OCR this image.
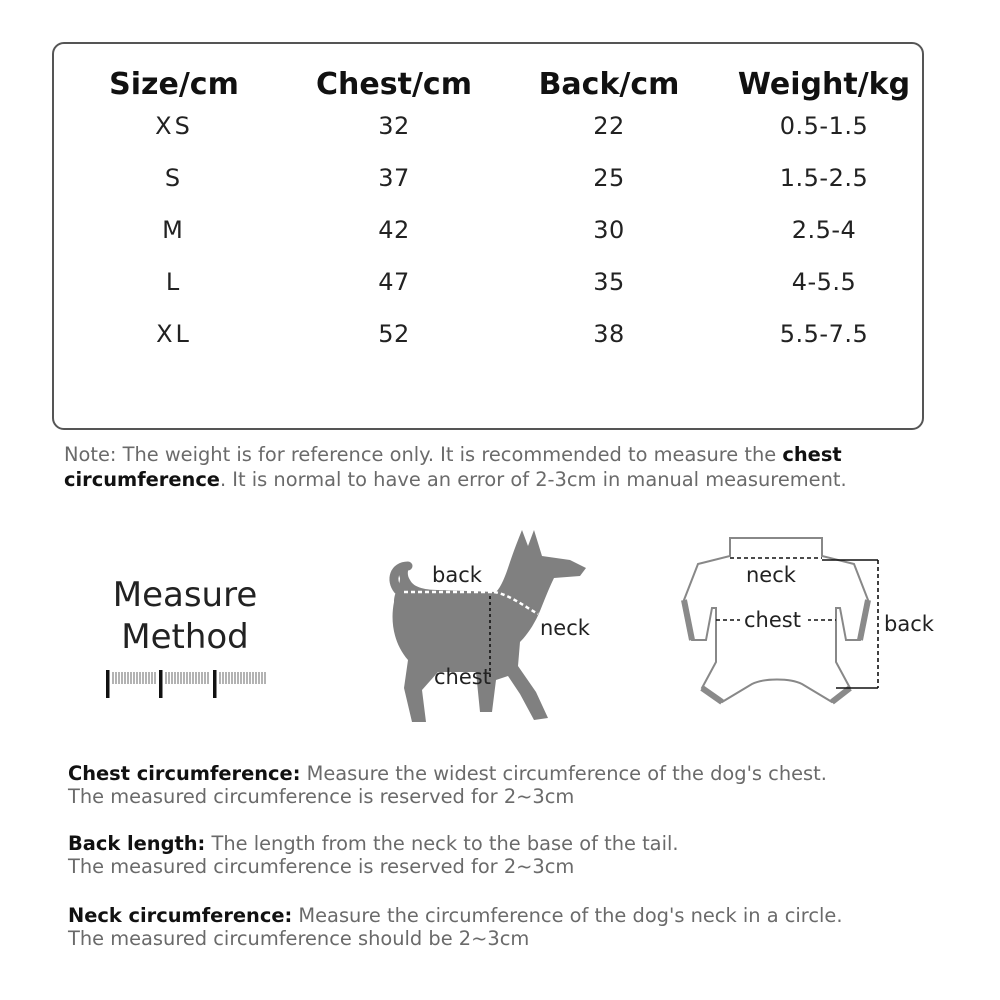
Size/cm
XS
S
M
L
XL
Chest/cm
32
37
42
47
52
Back/cm
22
25
30
35
38
Weight/kg
0.5-1.5
1.5-2.5
2.5-4
4-5.5
5.5-7.5
Note: The weight is for reference only. It is recommended to measure the chest circumference. It is normal to have an error of 2-3cm in manual measurement.
Measure
Method
back
neck
chest
neck
chest	back
Chest circumference: Measure the widest circumference of the dog's chest.
The measured circumference is reserved for 2~3cm
Back length: The length from the neck to the base of the tail.
The measured circumference is reserved for 2~3cm
Neck circumference: Measure the circumference of the dog's neck in a circle.
The measured circumference should be 2~3cm
